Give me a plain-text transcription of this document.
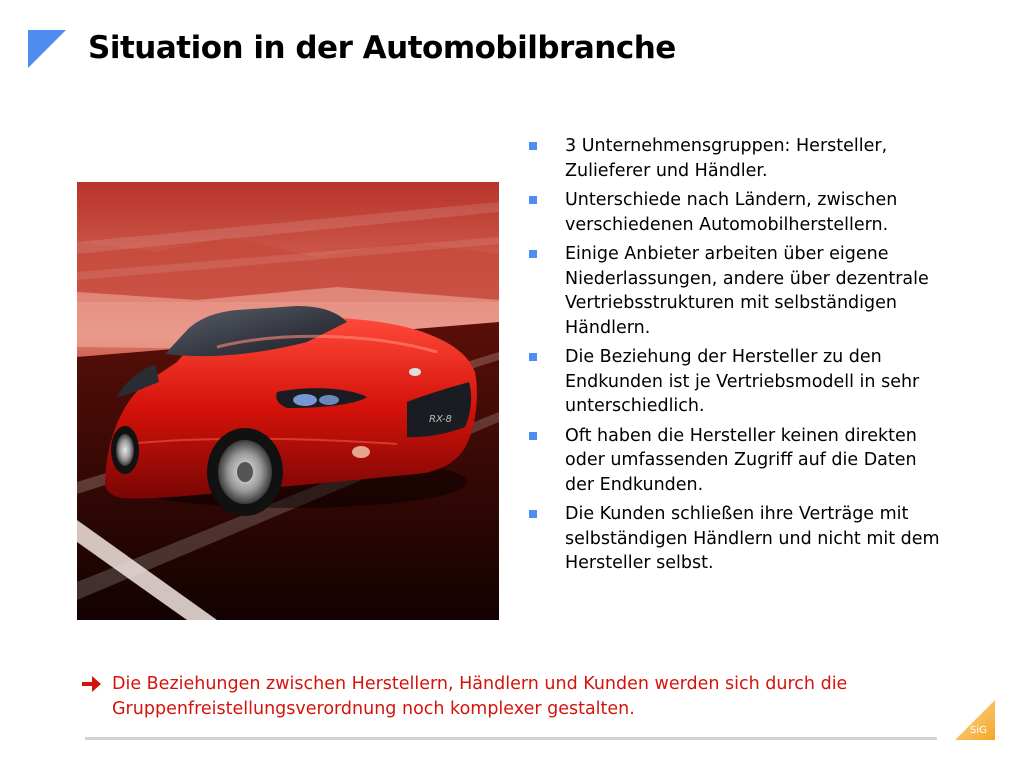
Situation in der Automobilbranche
RX-8
3 Unternehmensgruppen: Hersteller, Zulieferer und Händler.
Unterschiede nach Ländern, zwischen verschiedenen Automobilherstellern.
Einige Anbieter arbeiten über eigene Niederlassungen, andere über dezentrale Vertriebsstrukturen mit selbständigen Händlern.
Die Beziehung der Hersteller zu den Endkunden ist je Vertriebsmodell in sehr unterschiedlich.
Oft haben die Hersteller keinen direkten oder umfassenden Zugriff auf die Daten der Endkunden.
Die Kunden schließen ihre Verträge mit selbständigen Händlern und nicht mit dem Hersteller selbst.
Die Beziehungen zwischen Herstellern, Händlern und Kunden werden sich durch die Gruppenfreistellungsverordnung noch komplexer gestalten.
SiG
